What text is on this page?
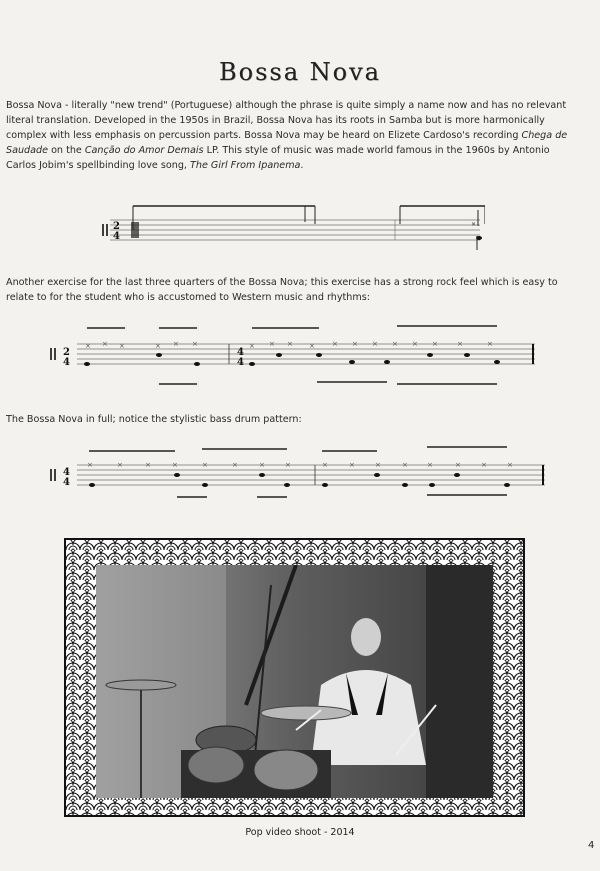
Bossa Nova
Bossa Nova - literally "new trend" (Portuguese) although the phrase is quite simply a name now and has no relevant literal translation. Developed in the 1950s in Brazil, Bossa Nova has its roots in Samba but is more harmonically complex with less emphasis on percussion parts. Bossa Nova may be heard on Elizete Cardoso's recording Chega de Saudade on the Canção do Amor Demais LP. This style of music was made world famous in the 1960s by Antonio Carlos Jobim's spellbinding love song, The Girl From Ipanema.
2
4
×
Another exercise for the last three quarters of the Bossa Nova; this exercise has a strong rock feel which is easy to relate to for the student who is accustomed to Western music and rhythms:
2
4
4
4
× × ×	× × ×	× × × × × × × × × ×	×	×
The Bossa Nova in full; notice the stylistic bass drum pattern:
4
4
×	×	×	×	×	×	×	×	×	×	×	×	×	×	×	×
Pop video shoot - 2014
4
